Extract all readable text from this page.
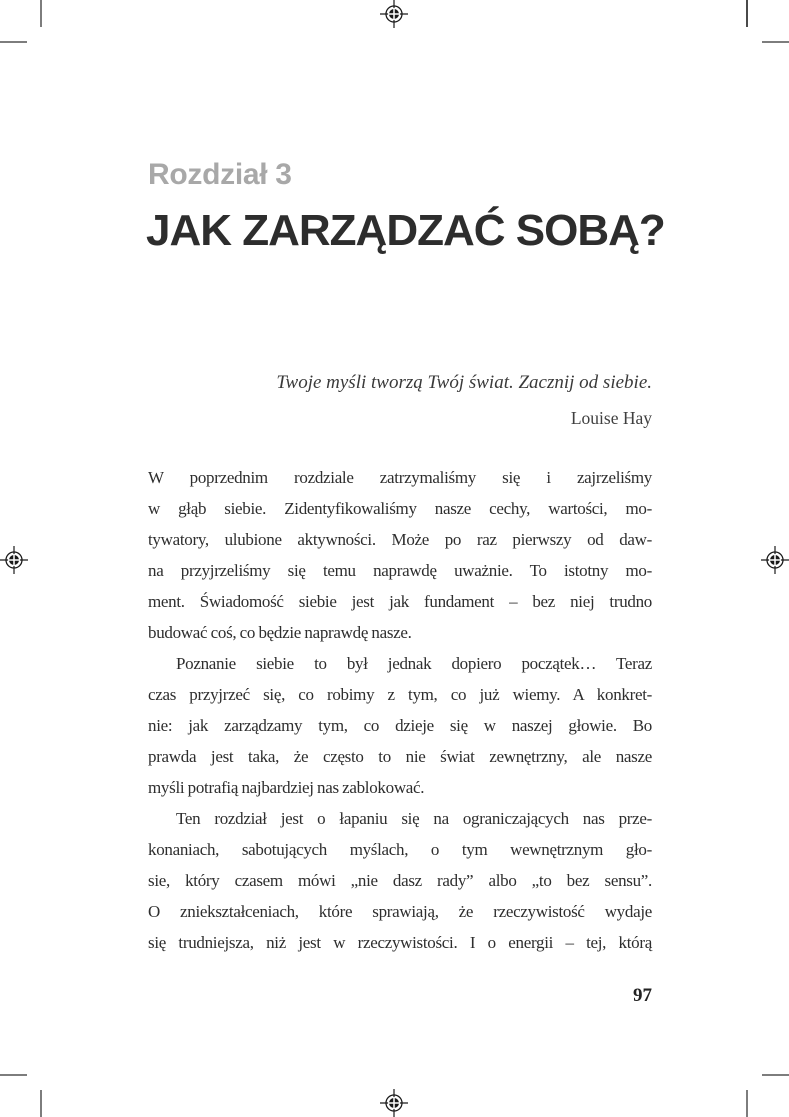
Rozdział 3
JAK ZARZĄDZAĆ SOBĄ?
Twoje myśli tworzą Twój świat. Zacznij od siebie.
Louise Hay
W poprzednim rozdziale zatrzymaliśmy się i zajrzeliśmy
w głąb siebie. Zidentyfikowaliśmy nasze cechy, wartości, mo-
tywatory, ulubione aktywności. Może po raz pierwszy od daw-
na przyjrzeliśmy się temu naprawdę uważnie. To istotny mo-
ment. Świadomość siebie jest jak fundament – bez niej trudno
budować coś, co będzie naprawdę nasze.
Poznanie siebie to był jednak dopiero początek… Teraz
czas przyjrzeć się, co robimy z tym, co już wiemy. A konkret-
nie: jak zarządzamy tym, co dzieje się w naszej głowie. Bo
prawda jest taka, że często to nie świat zewnętrzny, ale nasze
myśli potrafią najbardziej nas zablokować.
Ten rozdział jest o łapaniu się na ograniczających nas prze-
konaniach, sabotujących myślach, o tym wewnętrznym gło-
sie, który czasem mówi „nie dasz rady” albo „to bez sensu”.
O zniekształceniach, które sprawiają, że rzeczywistość wydaje
się trudniejsza, niż jest w rzeczywistości. I o energii – tej, którą
97
